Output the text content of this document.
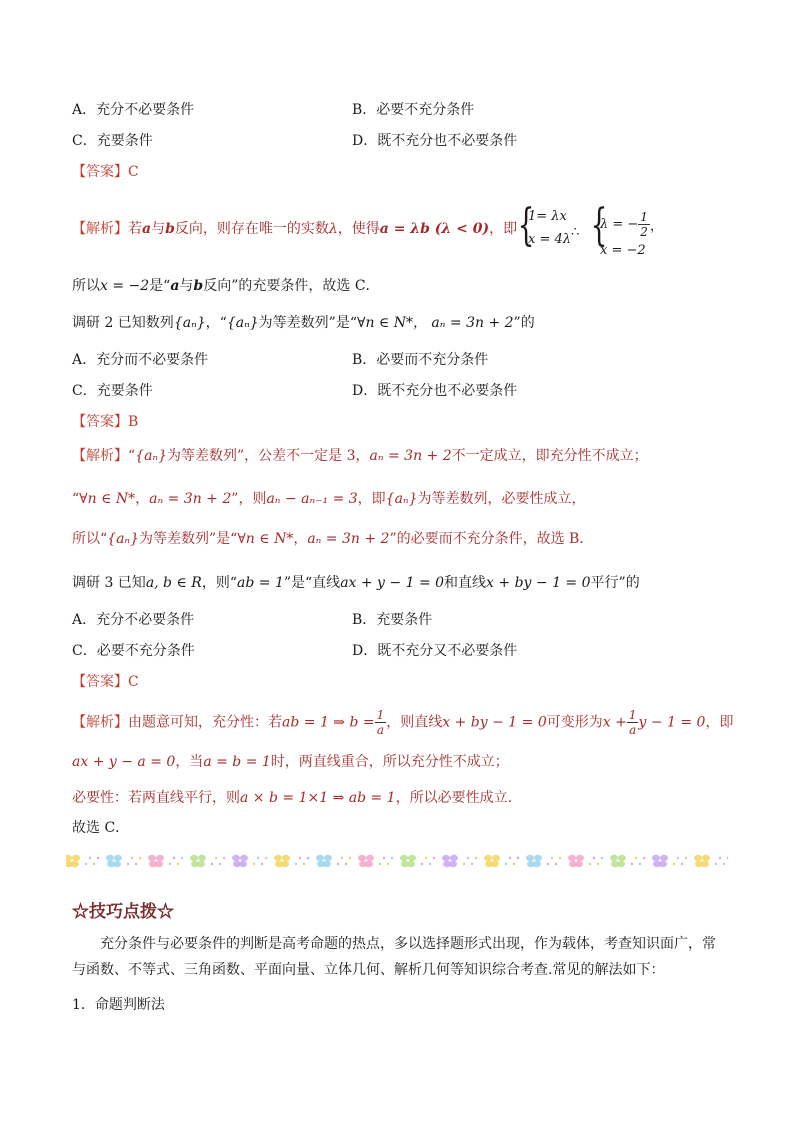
A．充分不必要条件	B．必要不充分条件
C．充要条件	D．既不充分也不必要条件
【答案】C
【解析】若a与b反向，则存在唯一的实数λ，使得a = λb (λ < 0)，即 {
1= λx
x = 4λ ∴ {
λ = − $\frac{1}{2}$
x = −2
，
所以x = −2是“a与b反向”的充要条件，故选 C．
调研 2 已知数列{aₙ}，“{aₙ}为等差数列”是“∀n ∈ N*， aₙ = 3n + 2”的
A．充分而不必要条件	B．必要而不充分条件
C．充要条件	D．既不充分也不必要条件
【答案】B
【解析】“{aₙ}为等差数列”，公差不一定是 3，aₙ = 3n + 2不一定成立，即充分性不成立；
“∀n ∈ N*，aₙ = 3n + 2”，则aₙ − aₙ₋₁ = 3，即{aₙ}为等差数列，必要性成立，
所以“{aₙ}为等差数列”是“∀n ∈ N*，aₙ = 3n + 2”的必要而不充分条件，故选 B．
调研 3 已知a, b ∈ R，则“ab = 1”是“直线ax + y − 1 = 0和直线x + by − 1 = 0平行”的
A．充分不必要条件	B．充要条件
C．必要不充分条件	D．既不充分又不必要条件
【答案】C
【解析】由题意可知，充分性：若ab = 1 ⇒ $b = \frac{1}{a}$ ，则直线x + by − 1 = 0可变形为$x + \frac{1}{a}$ y − 1 = 0，即
ax + y − a = 0，当a = b = 1时，两直线重合，所以充分性不成立；
必要性：若两直线平行，则a × b = 1×1 ⇒ ab = 1，所以必要性成立.
故选 C．
☆技巧点拨☆
充分条件与必要条件的判断是高考命题的热点，多以选择题形式出现，作为载体，考查知识面广，常与函数、不等式、三角函数、平面向量、立体几何、解析几何等知识综合考查.常见的解法如下：
1．命题判断法
